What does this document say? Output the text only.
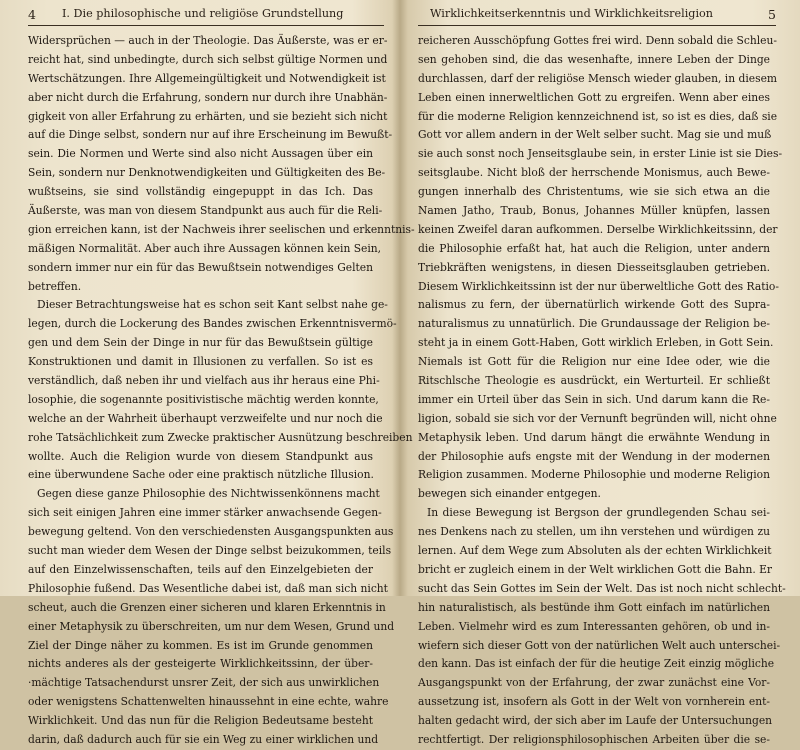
4 I. Die philosophische und religiöse Grundstellung
Widersprüchen — auch in der Theologie. Das Äußerste, was er er-
reicht hat, sind unbedingte, durch sich selbst gültige Normen und
Wertschätzungen. Ihre Allgemeingültigkeit und Notwendigkeit ist
aber nicht durch die Erfahrung, sondern nur durch ihre Unabhän-
gigkeit von aller Erfahrung zu erhärten, und sie bezieht sich nicht
auf die Dinge selbst, sondern nur auf ihre Erscheinung im Bewußt-
sein. Die Normen und Werte sind also nicht Aussagen über ein
Sein, sondern nur Denknotwendigkeiten und Gültigkeiten des Be-
wußtseins, sie sind vollständig eingepuppt in das Ich. Das
Äußerste, was man von diesem Standpunkt aus auch für die Reli-
gion erreichen kann, ist der Nachweis ihrer seelischen und erkenntnis-
mäßigen Normalität. Aber auch ihre Aussagen können kein Sein,
sondern immer nur ein für das Bewußtsein notwendiges Gelten
betreffen.
Dieser Betrachtungsweise hat es schon seit Kant selbst nahe ge-
legen, durch die Lockerung des Bandes zwischen Erkenntnisvermö-
gen und dem Sein der Dinge in nur für das Bewußtsein gültige
Konstruktionen und damit in Illusionen zu verfallen. So ist es
verständlich, daß neben ihr und vielfach aus ihr heraus eine Phi-
losophie, die sogenannte positivistische mächtig werden konnte,
welche an der Wahrheit überhaupt verzweifelte und nur noch die
rohe Tatsächlichkeit zum Zwecke praktischer Ausnützung beschreiben
wollte. Auch die Religion wurde von diesem Standpunkt aus
eine überwundene Sache oder eine praktisch nützliche Illusion.
Gegen diese ganze Philosophie des Nichtwissenkönnens macht
sich seit einigen Jahren eine immer stärker anwachsende Gegen-
bewegung geltend. Von den verschiedensten Ausgangspunkten aus
sucht man wieder dem Wesen der Dinge selbst beizukommen, teils
auf den Einzelwissenschaften, teils auf den Einzelgebieten der
Philosophie fußend. Das Wesentliche dabei ist, daß man sich nicht
scheut, auch die Grenzen einer sicheren und klaren Erkenntnis in
einer Metaphysik zu überschreiten, um nur dem Wesen, Grund und
Ziel der Dinge näher zu kommen. Es ist im Grunde genommen
nichts anderes als der gesteigerte Wirklichkeitssinn, der über-
·mächtige Tatsachendurst unsrer Zeit, der sich aus unwirklichen
oder wenigstens Schattenwelten hinaussehnt in eine echte, wahre
Wirklichkeit. Und das nun für die Religion Bedeutsame besteht
darin, daß dadurch auch für sie ein Weg zu einer wirklichen und
Wirklichkeitserkenntnis und Wirklichkeitsreligion	5
reicheren Ausschöpfung Gottes frei wird. Denn sobald die Schleu-
sen gehoben sind, die das wesenhafte, innere Leben der Dinge
durchlassen, darf der religiöse Mensch wieder glauben, in diesem
Leben einen innerweltlichen Gott zu ergreifen. Wenn aber eines
für die moderne Religion kennzeichnend ist, so ist es dies, daß sie
Gott vor allem andern in der Welt selber sucht. Mag sie und muß
sie auch sonst noch Jenseitsglaube sein, in erster Linie ist sie Dies-
seitsglaube. Nicht bloß der herrschende Monismus, auch Bewe-
gungen innerhalb des Christentums, wie sie sich etwa an die
Namen Jatho, Traub, Bonus, Johannes Müller knüpfen, lassen
keinen Zweifel daran aufkommen. Derselbe Wirklichkeitssinn, der
die Philosophie erfaßt hat, hat auch die Religion, unter andern
Triebkräften wenigstens, in diesen Diesseitsglauben getrieben.
Diesem Wirklichkeitssinn ist der nur überweltliche Gott des Ratio-
nalismus zu fern, der übernatürlich wirkende Gott des Supra-
naturalismus zu unnatürlich. Die Grundaussage der Religion be-
steht ja in einem Gott-Haben, Gott wirklich Erleben, in Gott Sein.
Niemals ist Gott für die Religion nur eine Idee oder, wie die
Ritschlsche Theologie es ausdrückt, ein Werturteil. Er schließt
immer ein Urteil über das Sein in sich. Und darum kann die Re-
ligion, sobald sie sich vor der Vernunft begründen will, nicht ohne
Metaphysik leben. Und darum hängt die erwähnte Wendung in
der Philosophie aufs engste mit der Wendung in der modernen
Religion zusammen. Moderne Philosophie und moderne Religion
bewegen sich einander entgegen.
In diese Bewegung ist Bergson der grundlegenden Schau sei-
nes Denkens nach zu stellen, um ihn verstehen und würdigen zu
lernen. Auf dem Wege zum Absoluten als der echten Wirklichkeit
bricht er zugleich einem in der Welt wirklichen Gott die Bahn. Er
sucht das Sein Gottes im Sein der Welt. Das ist noch nicht schlecht-
hin naturalistisch, als bestünde ihm Gott einfach im natürlichen
Leben. Vielmehr wird es zum Interessanten gehören, ob und in-
wiefern sich dieser Gott von der natürlichen Welt auch unterschei-
den kann. Das ist einfach der für die heutige Zeit einzig mögliche
Ausgangspunkt von der Erfahrung, der zwar zunächst eine Vor-
aussetzung ist, insofern als Gott in der Welt von vornherein ent-
halten gedacht wird, der sich aber im Laufe der Untersuchungen
rechtfertigt. Der religionsphilosophischen Arbeiten über die se-
